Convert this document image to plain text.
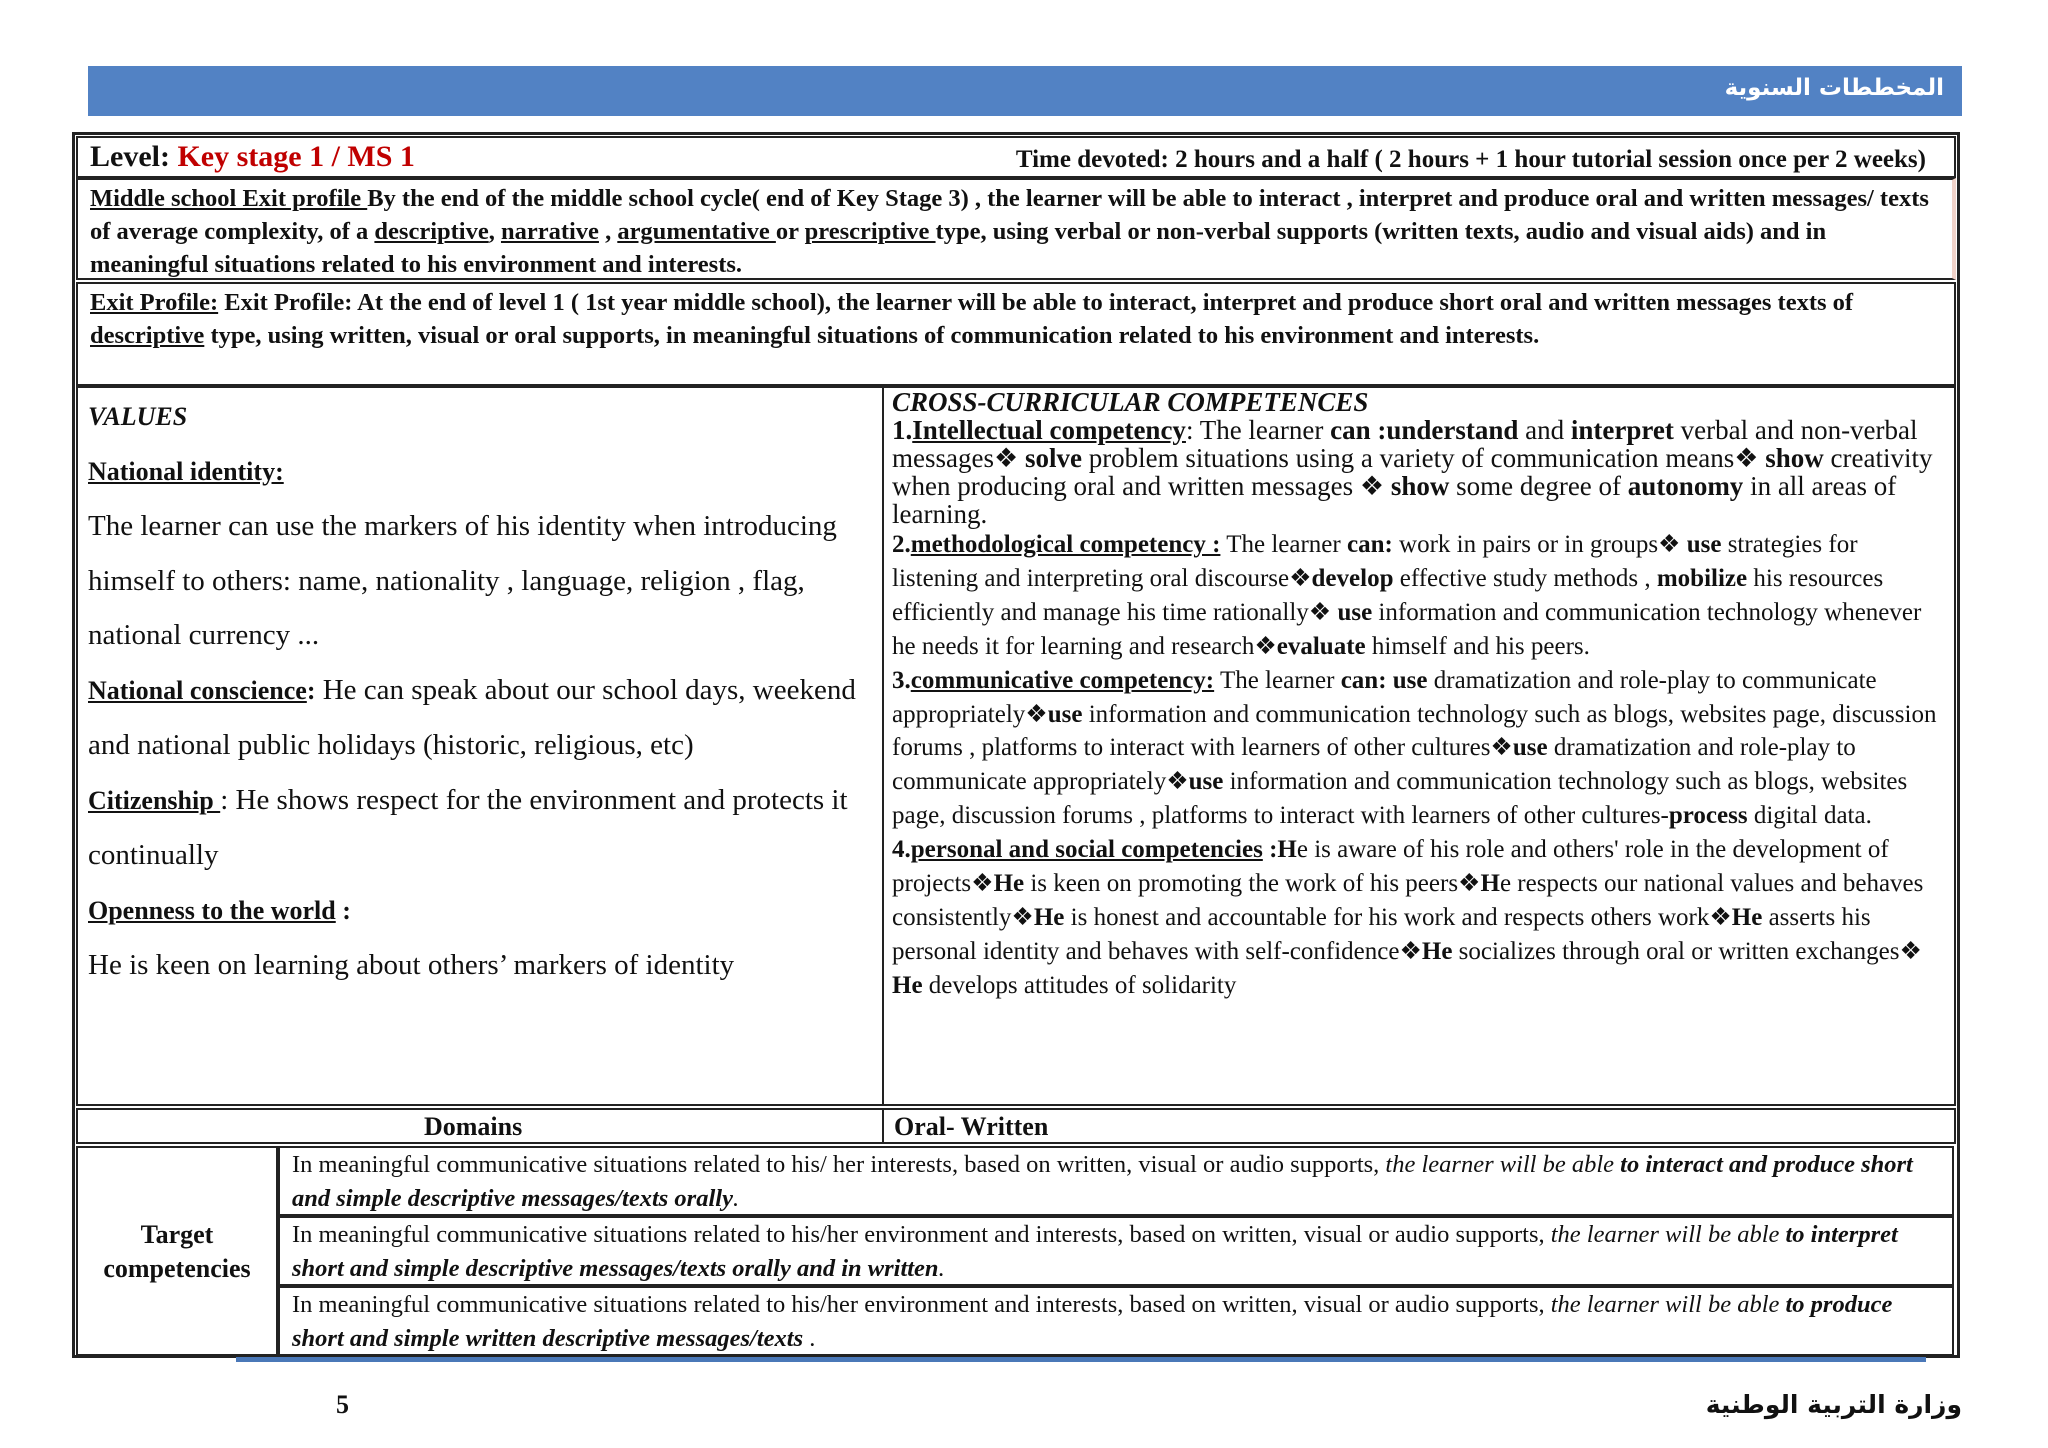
المخططات السنوية
Level: Key stage 1 / MS 1	Time devoted: 2 hours and a half ( 2 hours + 1 hour tutorial session once per 2 weeks)
Middle school Exit profile By the end of the middle school cycle( end of Key Stage 3) , the learner will be able to interact , interpret and produce oral and written messages/ texts of average complexity, of a descriptive, narrative , argumentative or prescriptive type, using verbal or non-verbal supports (written texts, audio and visual aids) and in meaningful situations related to his environment and interests.
Exit Profile: Exit Profile: At the end of level 1 ( 1st year middle school), the learner will be able to interact, interpret and produce short oral and written messages texts of descriptive type, using written, visual or oral supports, in meaningful situations of communication related to his environment and interests.
VALUES
National identity:
The learner can use the markers of his identity when introducing himself to others: name, nationality , language, religion , flag, national currency ...
National conscience: He can speak about our school days, weekend and national public holidays (historic, religious, etc)
Citizenship : He shows respect for the environment and protects it continually
Openness to the world :
He is keen on learning about others’ markers of identity
CROSS-CURRICULAR COMPETENCES
1.Intellectual competency: The learner can :understand and interpret verbal and non-verbal messages❖ solve problem situations using a variety of communication means❖ show creativity when producing oral and written messages ❖ show some degree of autonomy in all areas of learning.
2.methodological competency : The learner can: work in pairs or in groups❖ use strategies for listening and interpreting oral discourse❖develop effective study methods , mobilize his resources efficiently and manage his time rationally❖ use information and communication technology whenever he needs it for learning and research❖evaluate himself and his peers.
3.communicative competency: The learner can: use dramatization and role-play to communicate appropriately❖use information and communication technology such as blogs, websites page, discussion forums , platforms to interact with learners of other cultures❖use dramatization and role-play to communicate appropriately❖use information and communication technology such as blogs, websites page, discussion forums , platforms to interact with learners of other cultures-process digital data.
4.personal and social competencies :He is aware of his role and others' role in the development of projects❖He is keen on promoting the work of his peers❖He respects our national values and behaves consistently❖He is honest and accountable for his work and respects others work❖He asserts his personal identity and behaves with self-confidence❖He socializes through oral or written exchanges❖ He develops attitudes of solidarity
Domains	Oral- Written
Target competencies
In meaningful communicative situations related to his/ her interests, based on written, visual or audio supports, the learner will be able to interact and produce short and simple descriptive messages/texts orally.
In meaningful communicative situations related to his/her environment and interests, based on written, visual or audio supports, the learner will be able to interpret short and simple descriptive messages/texts orally and in written.
In meaningful communicative situations related to his/her environment and interests, based on written, visual or audio supports, the learner will be able to produce short and simple written descriptive messages/texts .
5	وزارة التربية الوطنية
